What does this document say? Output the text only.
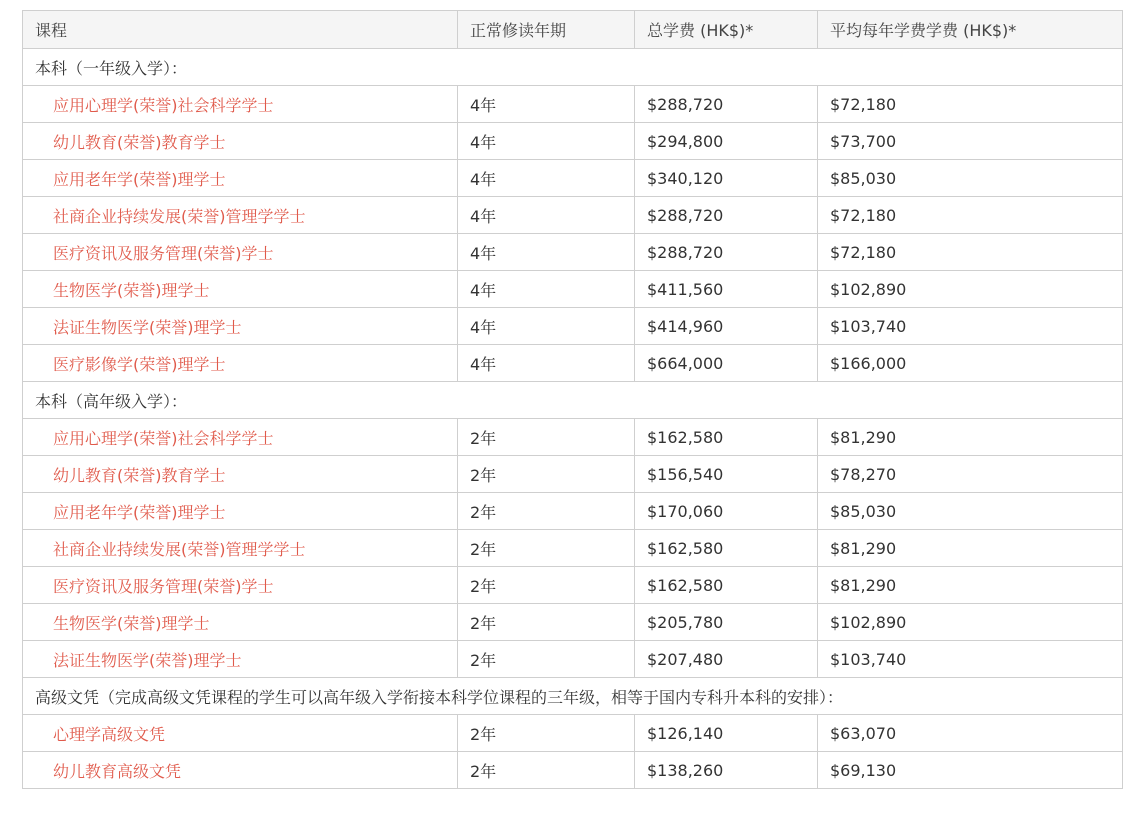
课程	正常修读年期	总学费 (HK$)*	平均每年学费学费 (HK$)*
本科（一年级入学）：			
应用心理学(荣誉)社会科学学士	4年	$288,720	$72,180
幼儿教育(荣誉)教育学士	4年	$294,800	$73,700
应用老年学(荣誉)理学士	4年	$340,120	$85,030
社商企业持续发展(荣誉)管理学学士	4年	$288,720	$72,180
医疗资讯及服务管理(荣誉)学士	4年	$288,720	$72,180
生物医学(荣誉)理学士	4年	$411,560	$102,890
法证生物医学(荣誉)理学士	4年	$414,960	$103,740
医疗影像学(荣誉)理学士	4年	$664,000	$166,000
本科（高年级入学）：			
应用心理学(荣誉)社会科学学士	2年	$162,580	$81,290
幼儿教育(荣誉)教育学士	2年	$156,540	$78,270
应用老年学(荣誉)理学士	2年	$170,060	$85,030
社商企业持续发展(荣誉)管理学学士	2年	$162,580	$81,290
医疗资讯及服务管理(荣誉)学士	2年	$162,580	$81,290
生物医学(荣誉)理学士	2年	$205,780	$102,890
法证生物医学(荣誉)理学士	2年	$207,480	$103,740
高级文凭（完成高级文凭课程的学生可以高年级入学衔接本科学位课程的三年级，相等于国内专科升本科的安排）：			
心理学高级文凭	2年	$126,140	$63,070
幼儿教育高级文凭	2年	$138,260	$69,130
